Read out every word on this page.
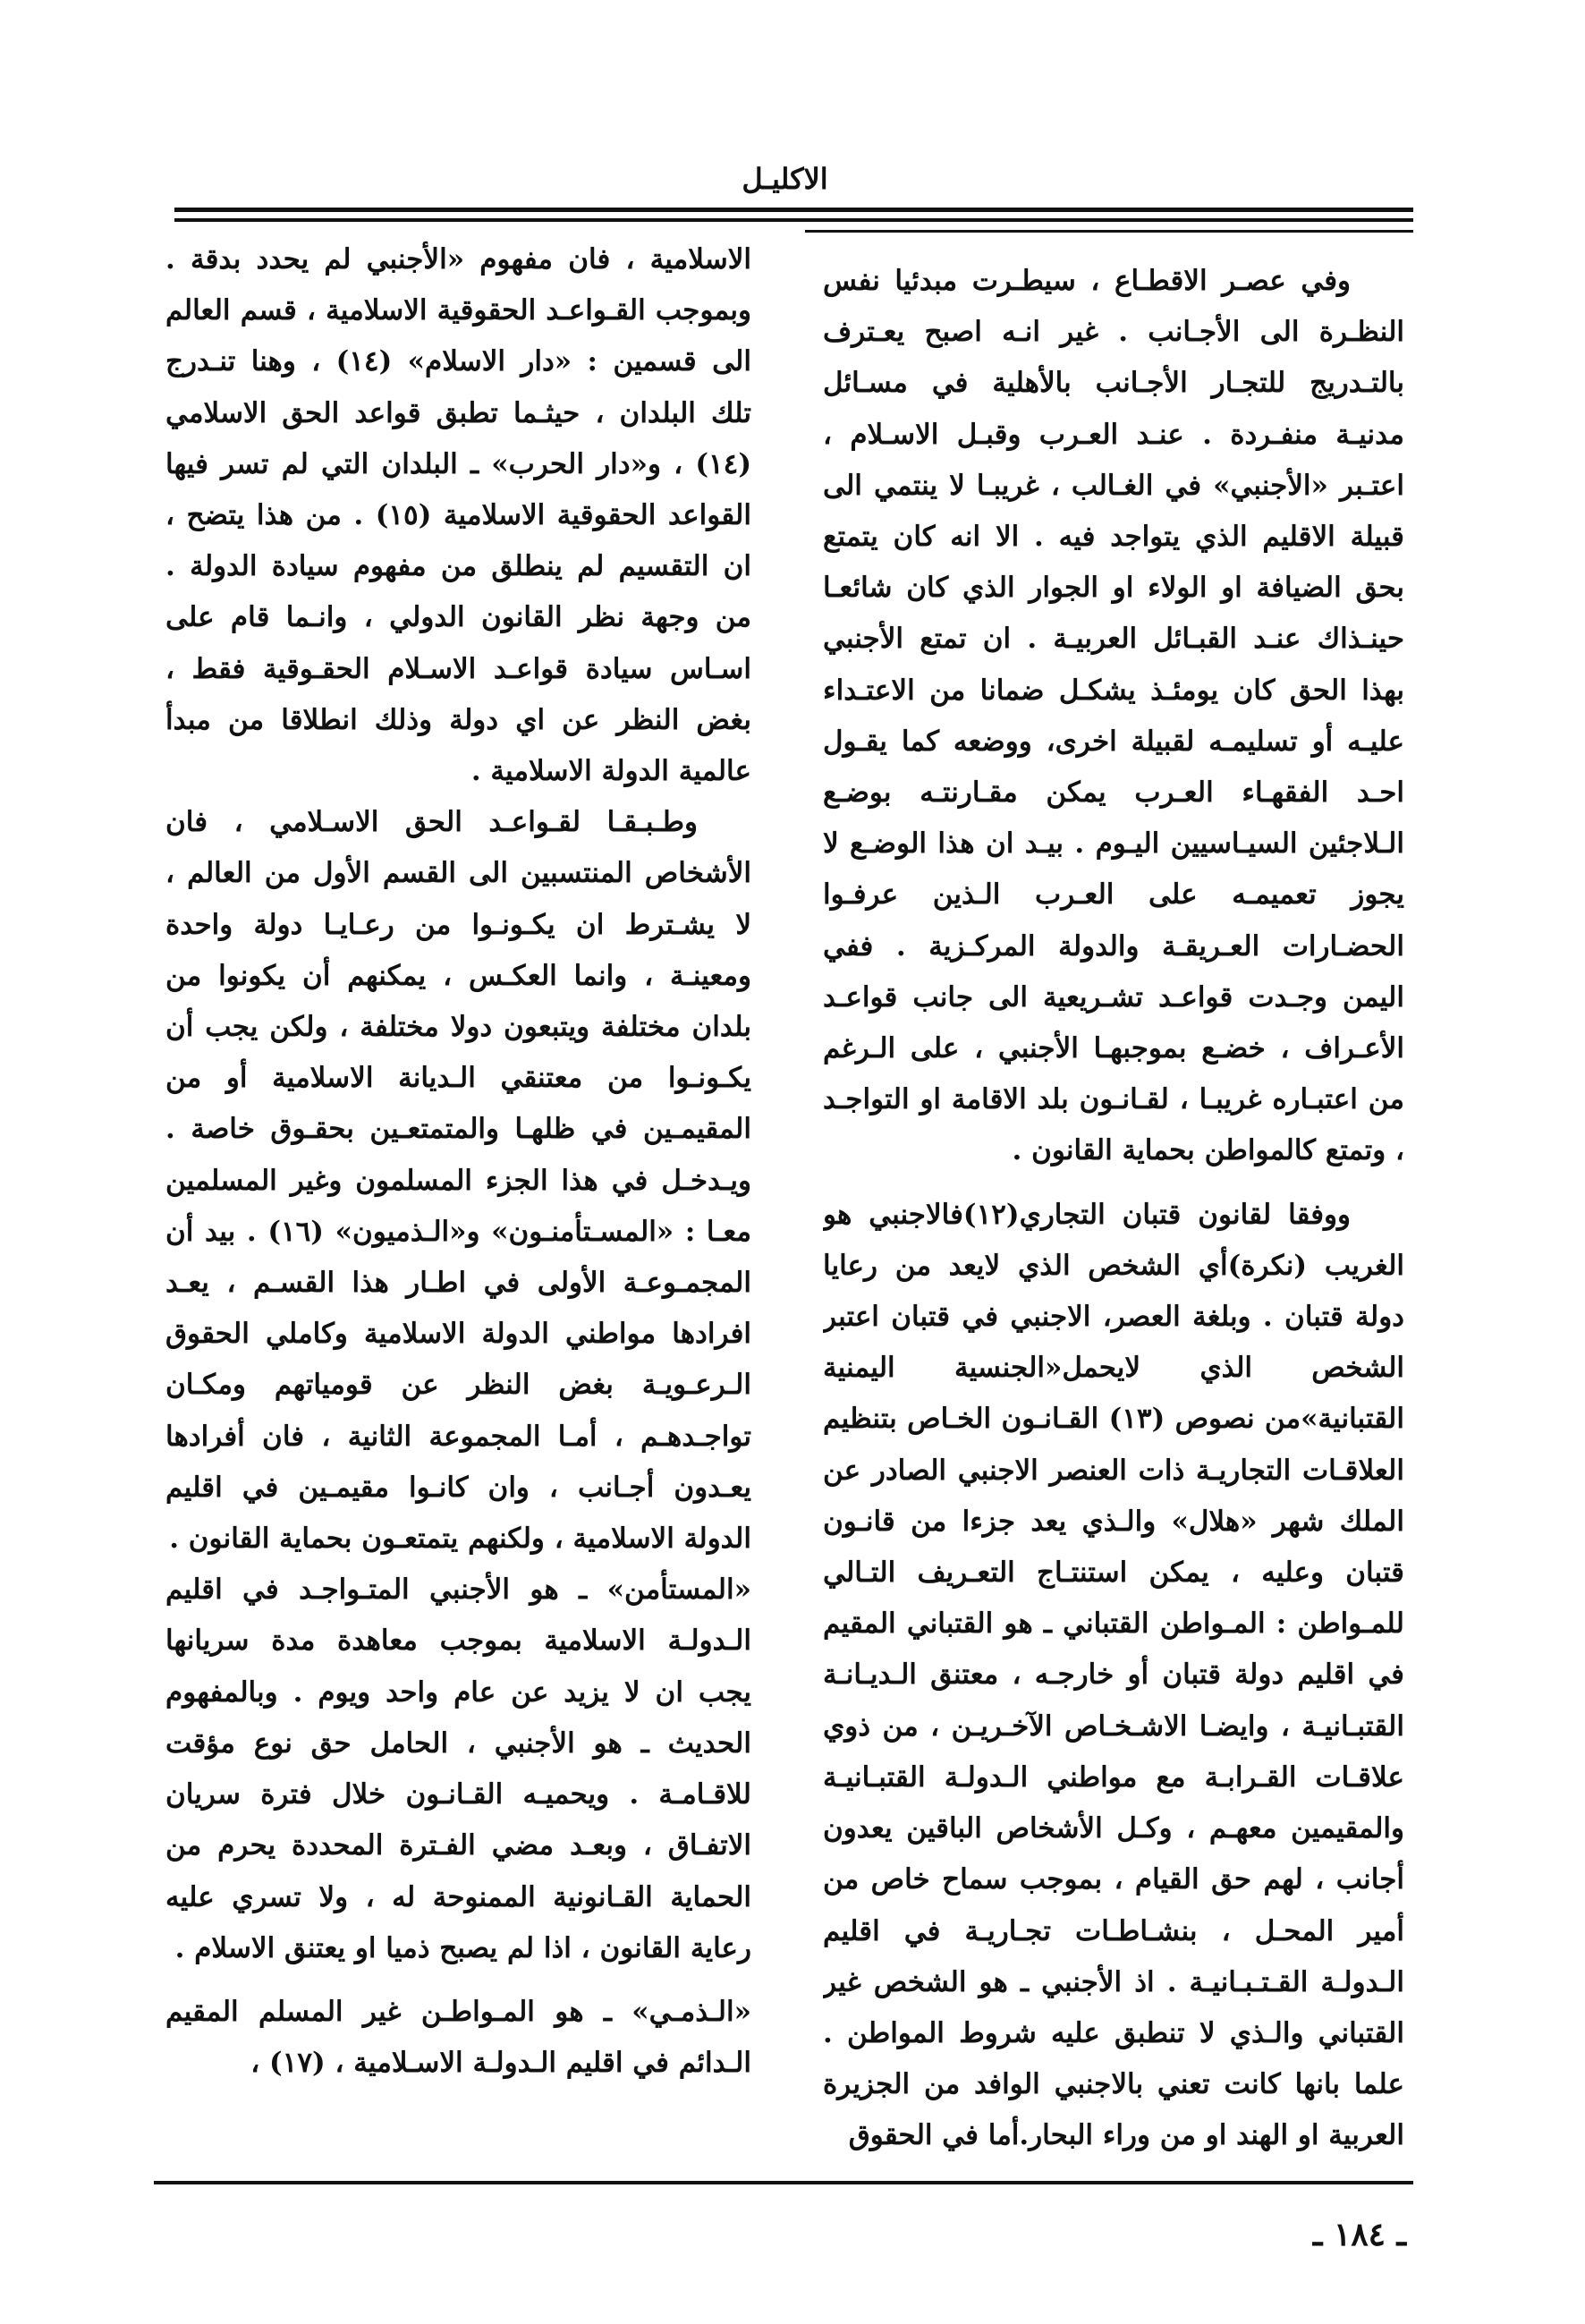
الاكليـل

وفي عصـر الاقطـاع ، سيطـرت مبدئيا نفس النظـرة الى الأجـانب . غير انـه اصبح يعـترف بالتـدريج للتجـار الأجـانب بالأهلية في مسـائل مدنيـة منفـردة . عنـد العـرب وقبـل الاسـلام ، اعتـبر «الأجنبي» في الغـالب ، غريبـا لا ينتمي الى قبيلة الاقليم الذي يتواجد فيه . الا انه كان يتمتع بحق الضيافة او الولاء او الجوار الذي كان شائعـا حينـذاك عنـد القبـائل العربيـة . ان تمتع الأجنبي بهذا الحق كان يومئـذ يشكـل ضمانا من الاعتـداء عليـه أو تسليمـه لقبيلة اخرى، ووضعه كما يقـول احـد الفقهـاء العـرب يمكن مقـارنتـه بوضـع الـلاجئين السيـاسيين اليـوم . بيـد ان هذا الوضـع لا يجوز تعميمـه على العـرب الـذين عرفـوا الحضـارات العـريقـة والدولة المركـزية . ففي اليمن وجـدت قواعـد تشـريعية الى جانب قواعـد الأعـراف ، خضـع بموجبهـا الأجنبي ، على الـرغم من اعتبـاره غريبـا ، لقـانـون بلد الاقامة او التواجـد ، وتمتع كالمواطن بحماية القانون .

ووفقا لقانون قتبان التجاري(١٢)فالاجنبي هو الغريب (نكرة)أي الشخص الذي لايعد من رعايا دولة قتبان . وبلغة العصر، الاجنبي في قتبان اعتبر الشخص الذي لايحمل«الجنسية اليمنية القتبانية»من نصوص (١٣) القـانـون الخـاص بتنظيم العلاقـات التجاريـة ذات العنصر الاجنبي الصادر عن الملك شهر «هلال» والـذي يعد جزءا من قانـون قتبان وعليه ، يمكن استنتـاج التعـريف التـالي للمـواطن : المـواطن القتباني ـ هو القتباني المقيم في اقليم دولة قتبان أو خارجـه ، معتنق الـديـانـة القتبـانيـة ، وايضـا الاشـخـاص الآخـريـن ، من ذوي علاقـات القـرابـة مع مواطني الـدولـة القتبـانيـة والمقيمين معهـم ، وكـل الأشخاص الباقين يعدون أجانب ، لهم حق القيام ، بموجب سماح خاص من أمير المحـل ، بنشـاطـات تجـاريـة في اقليم الـدولـة القـتـبـانيـة . اذ الأجنبي ـ هو الشخص غير القتباني والـذي لا تنطبق عليه شروط المواطن . علما بانها كانت تعني بالاجنبي الوافد من الجزيرة العربية او الهند او من وراء البحار.أما في الحقوق

الاسلامية ، فان مفهوم «الأجنبي لم يحدد بدقة . وبموجب القـواعـد الحقوقية الاسلامية ، قسم العالم الى قسمين : «دار الاسلام» (١٤) ، وهنا تنـدرج تلك البلدان ، حيثـما تطبق قواعد الحق الاسلامي (١٤) ، و«دار الحرب» ـ البلدان التي لم تسر فيها القواعد الحقوقية الاسلامية (١٥) . من هذا يتضح ، ان التقسيم لم ينطلق من مفهوم سيادة الدولة . من وجهة نظر القانون الدولي ، وانـما قام على اسـاس سيادة قواعـد الاسـلام الحقـوقية فقط ، بغض النظر عن اي دولة وذلك انطلاقا من مبدأ عالمية الدولة الاسلامية .

وطـبـقـا لقـواعـد الحق الاسـلامي ، فان الأشخاص المنتسبين الى القسم الأول من العالم ، لا يشـترط ان يكـونـوا من رعـايـا دولة واحدة ومعينـة ، وانما العكـس ، يمكنهم أن يكونوا من بلدان مختلفة ويتبعون دولا مختلفة ، ولكن يجب أن يكـونـوا من معتنقي الـديانة الاسلامية أو من المقيمـين في ظلهـا والمتمتعـين بحقـوق خاصة . ويـدخـل في هذا الجزء المسلمون وغير المسلمين معـا : «المسـتأمنـون» و«الـذميون» (١٦) . بيد أن المجمـوعـة الأولى في اطـار هذا القسـم ، يعـد افرادها مواطني الدولة الاسلامية وكاملي الحقوق الـرعـويـة بغض النظر عن قومياتهم ومكـان تواجـدهـم ، أمـا المجموعة الثانية ، فان أفرادها يعـدون أجـانب ، وان كانـوا مقيمـين في اقليم الدولة الاسلامية ، ولكنهم يتمتعـون بحماية القانون .

«المستأمن» ـ هو الأجنبي المتـواجـد في اقليم الـدولـة الاسلامية بموجب معاهدة مدة سريانها يجب ان لا يزيد عن عام واحد ويوم . وبالمفهوم الحديث ـ هو الأجنبي ، الحامل حق نوع مؤقت للاقـامـة . ويحميـه القـانـون خلال فترة سريان الاتفـاق ، وبعـد مضي الفـترة المحددة يحرم من الحماية القـانونية الممنوحة له ، ولا تسري عليه رعاية القانون ، اذا لم يصبح ذميا او يعتنق الاسلام .

«الـذمـي» ـ هو المـواطـن غير المسلم المقيم الـدائم في اقليم الـدولـة الاسـلامية ، (١٧) ،

ـ ١٨٤ ـ
